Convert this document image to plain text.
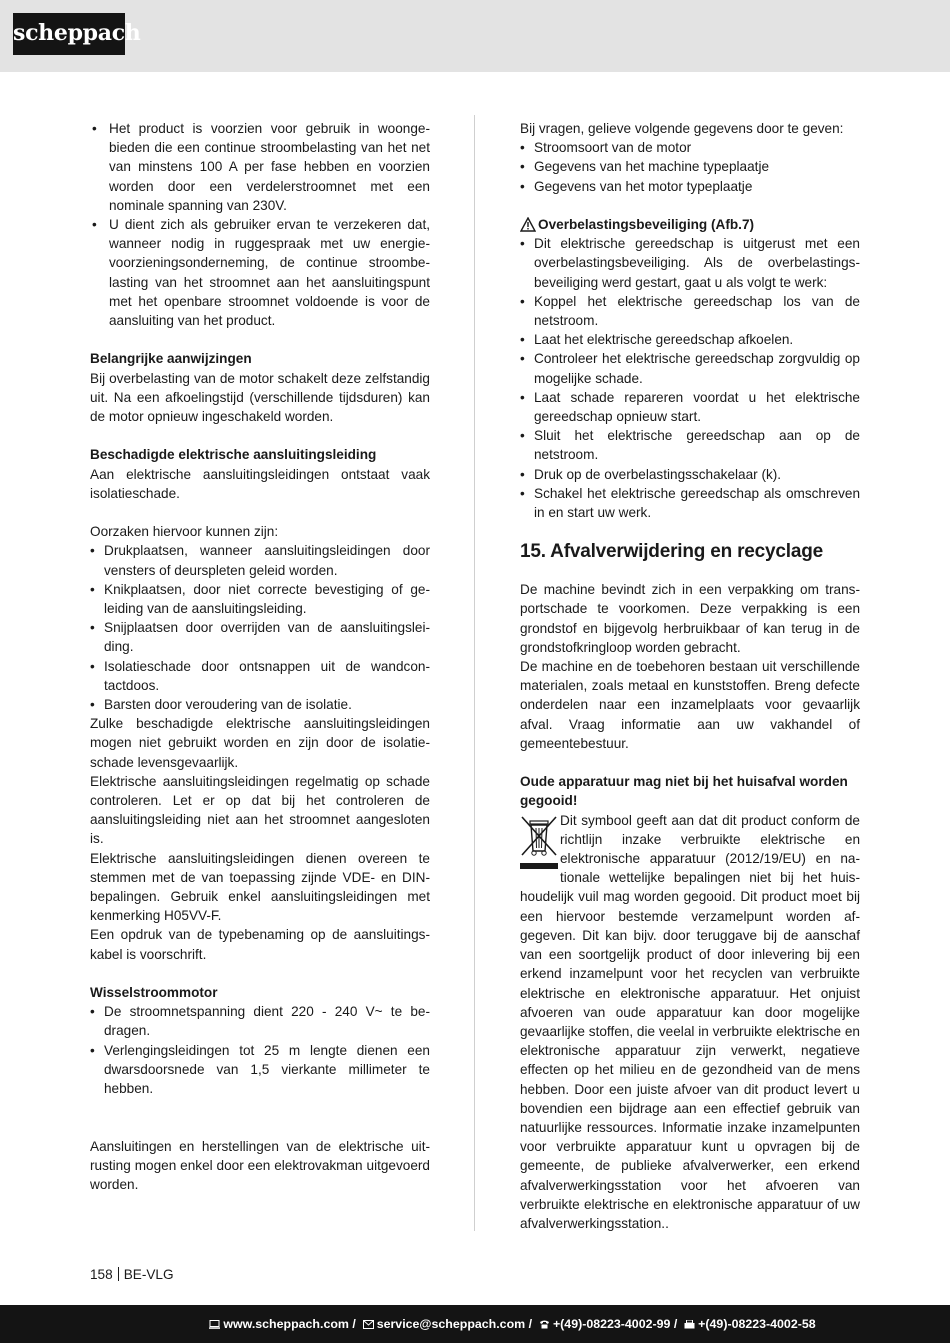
scheppach
• Het product is voorzien voor gebruik in woongebieden die een continue stroombelasting van het net van minstens 100 A per fase hebben en voorzien worden door een verdelerstroomnet met een nominale spanning van 230V.
• U dient zich als gebruiker ervan te verzekeren dat, wanneer nodig in ruggespraak met uw energievoorzieningsonderneming, de continue stroombelasting van het stroomnet aan het aansluitingspunt met het openbare stroomnet voldoende is voor de aansluiting van het product.
Belangrijke aanwijzingen

Bij overbelasting van de motor schakelt deze zelfstandig uit. Na een afkoelingstijd (verschillende tijdsduren) kan de motor opnieuw ingeschakeld worden.

Beschadigde elektrische aansluitingsleiding

Aan elektrische aansluitingsleidingen ontstaat vaak isolatieschade.

Oorzaken hiervoor kunnen zijn:

• Drukplaatsen, wanneer aansluitingsleidingen door vensters of deurspleten geleid worden.
• Knikplaatsen, door niet correcte bevestiging of geleiding van de aansluitingsleiding.
• Snijplaatsen door overrijden van de aansluitingsleiding.
• Isolatieschade door ontsnappen uit de wandcontactdoos.
• Barsten door veroudering van de isolatie.

Zulke beschadigde elektrische aansluitingsleidingen mogen niet gebruikt worden en zijn door de isolatieschade levensgevaarlijk.

Elektrische aansluitingsleidingen regelmatig op schade controleren. Let er op dat bij het controleren de aansluitingsleiding niet aan het stroomnet aangesloten is.

Elektrische aansluitingsleidingen dienen overeen te stemmen met de van toepassing zijnde VDE- en DIN-bepalingen. Gebruik enkel aansluitingsleidingen met kenmerking H05VV-F.

Een opdruk van de typebenaming op de aansluitingskabel is voorschrift.

Wisselstroommotor
• De stroomnetspanning dient 220 - 240 V~ te bedragen.
• Verlengingsleidingen tot 25 m lengte dienen een dwarsdoorsnede van 1,5 vierkante millimeter te hebben.

Aansluitingen en herstellingen van de elektrische uitrusting mogen enkel door een elektrovakman uitgevoerd worden.

Bij vragen, gelieve volgende gegevens door te geven:

• Stroomsoort van de motor
• Gegevens van het machine typeplaatje
• Gegevens van het motor typeplaatje
Overbelastingsbeveiliging (Afb.7)
• Dit elektrische gereedschap is uitgerust met een overbelastingsbeveiliging. Als de overbelastingsbeveiliging werd gestart, gaat u als volgt te werk:
• Koppel het elektrische gereedschap los van de netstroom.
• Laat het elektrische gereedschap afkoelen.
• Controleer het elektrische gereedschap zorgvuldig op mogelijke schade.
• Laat schade repareren voordat u het elektrische gereedschap opnieuw start.
• Sluit het elektrische gereedschap aan op de netstroom.
• Druk op de overbelastingsschakelaar (k).
• Schakel het elektrische gereedschap als omschreven in en start uw werk.
15. Afvalverwijdering en recyclage

De machine bevindt zich in een verpakking om transportschade te voorkomen. Deze verpakking is een grondstof en bijgevolg herbruikbaar of kan terug in de grondstofkringloop worden gebracht.

De machine en de toebehoren bestaan uit verschillende materialen, zoals metaal en kunststoffen. Breng defecte onderdelen naar een inzamelplaats voor gevaarlijk afval. Vraag informatie aan uw vakhandel of gemeentebestuur.

Oude apparatuur mag niet bij het huisafval worden gegooid!

Dit symbool geeft aan dat dit product conform de richtlijn inzake verbruikte elektrische en elektronische apparatuur (2012/19/EU) en nationale wettelijke bepalingen niet bij het huishoudelijk vuil mag worden gegooid. Dit product moet bij een hiervoor bestemde verzamelpunt worden afgegeven. Dit kan bijv. door teruggave bij de aanschaf van een soortgelijk product of door inlevering bij een erkend inzamelpunt voor het recyclen van verbruikte elektrische en elektronische apparatuur. Het onjuist afvoeren van oude apparatuur kan door mogelijke gevaarlijke stoffen, die veelal in verbruikte elektrische en elektronische apparatuur zijn verwerkt, negatieve effecten op het milieu en de gezondheid van de mens hebben. Door een juiste afvoer van dit product levert u bovendien een bijdrage aan een effectief gebruik van natuurlijke ressources. Informatie inzake inzamelpunten voor verbruikte apparatuur kunt u opvragen bij de gemeente, de publieke afvalverwerker, een erkend afvalverwerkingsstation voor het afvoeren van verbruikte elektrische en elektronische apparatuur of uw afvalverwerkingsstation..

158 BE-VLG
www.scheppach.com / service@scheppach.com / +(49)-08223-4002-99 / +(49)-08223-4002-58
